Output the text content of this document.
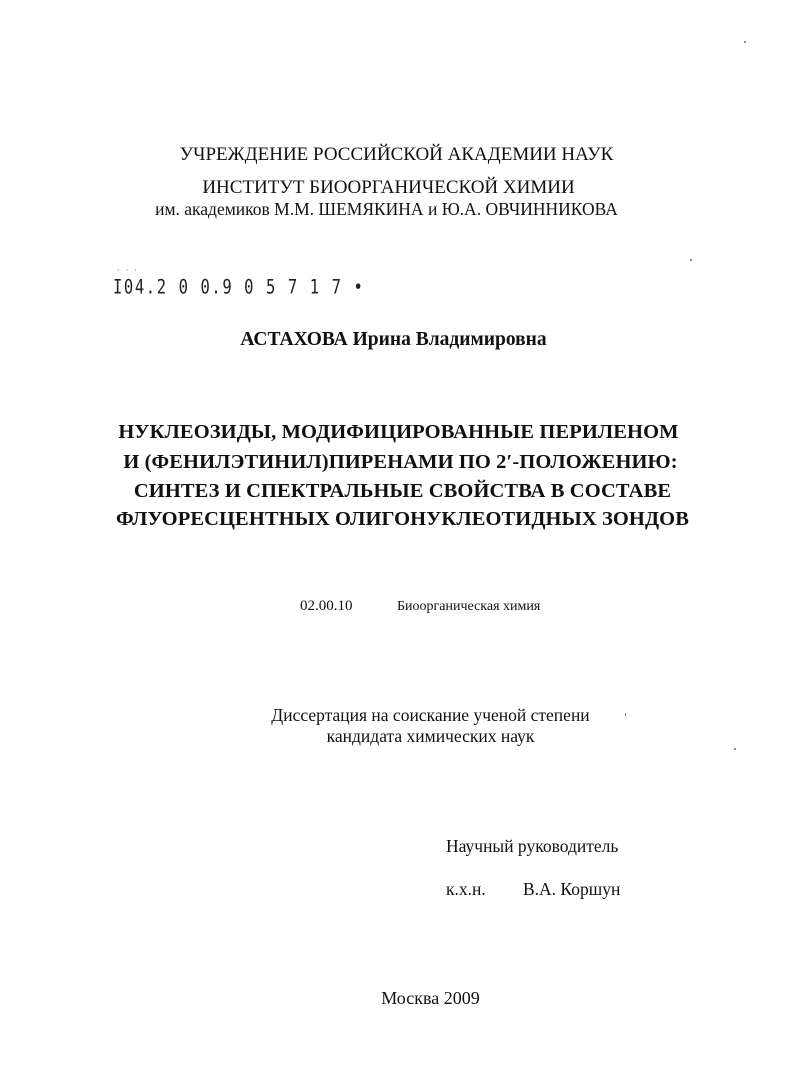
УЧРЕЖДЕНИЕ РОССИЙСКОЙ АКАДЕМИИ НАУК
ИНСТИТУТ БИООРГАНИЧЕСКОЙ ХИМИИ
им. академиков М.М. ШЕМЯКИНА и Ю.А. ОВЧИННИКОВА
· · ·
І04.2 0 0.9 0 5 7 1 7 •
АСТАХОВА Ирина Владимировна
НУКЛЕОЗИДЫ, МОДИФИЦИРОВАННЫЕ ПЕРИЛЕНОМ
И (ФЕНИЛЭТИНИЛ)ПИРЕНАМИ ПО 2′-ПОЛОЖЕНИЮ:
СИНТЕЗ И СПЕКТРАЛЬНЫЕ СВОЙСТВА В СОСТАВЕ
ФЛУОРЕСЦЕНТНЫХ ОЛИГОНУКЛЕОТИДНЫХ ЗОНДОВ
02.00.10	Биоорганическая химия
Диссертация на соискание ученой степени
кандидата химических наук
Научный руководитель
к.х.н. В.А. Коршун
Москва 2009
